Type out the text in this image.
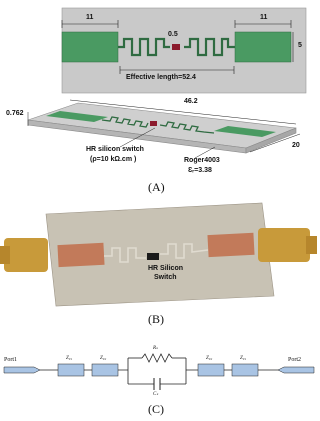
11
0.5
11
5
Effective length=52.4
0.762
46.2
20
HR silicon switch
(ρ=10 kΩ.cm )	Roger4003
Ɛᵣ=3.38
(A)
HR Silicon
Switch
(B)
Port1	Port2
Z₀₁	Z₀₂
Rₛ
Cₛ
Z₀₂	Z₀₁
(C)
